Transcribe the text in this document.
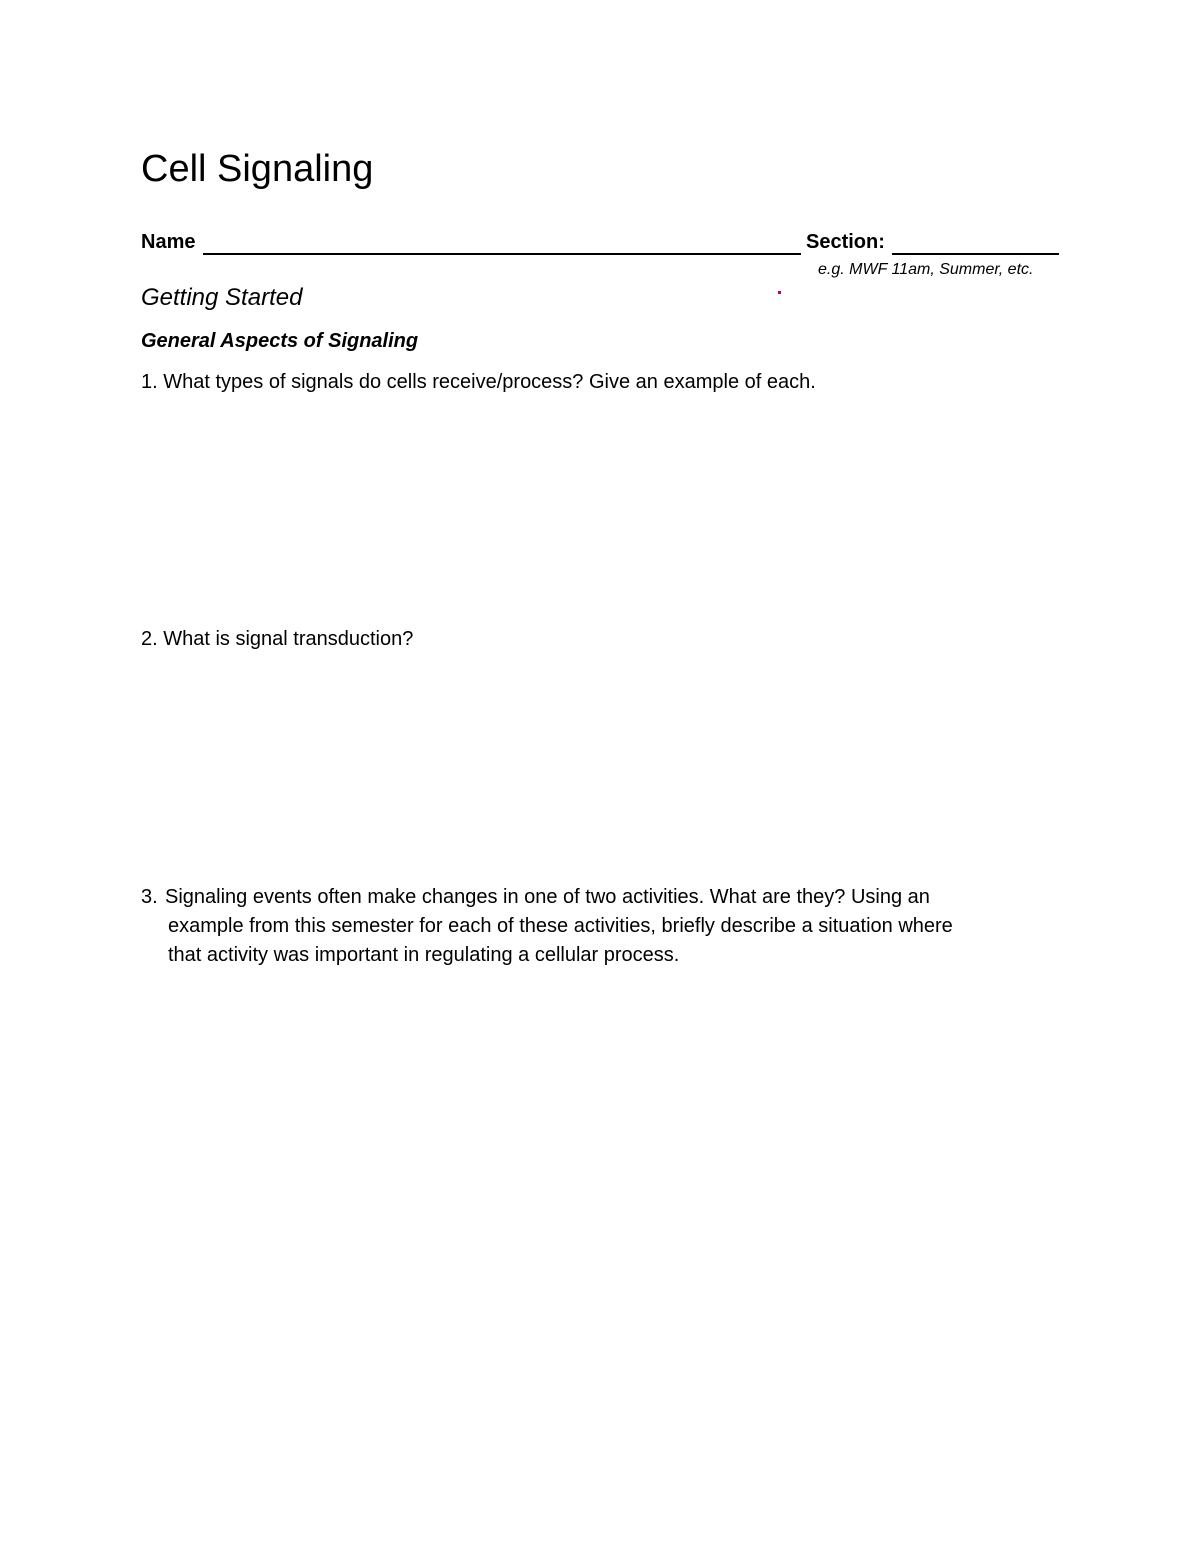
Cell Signaling
Name	Section:
e.g. MWF 11am, Summer, etc.
Getting Started
General Aspects of Signaling
1. What types of signals do cells receive/process? Give an example of each.
2. What is signal transduction?
3. Signaling events often make changes in one of two activities. What are they? Using an
example from this semester for each of these activities, briefly describe a situation where
that activity was important in regulating a cellular process.
